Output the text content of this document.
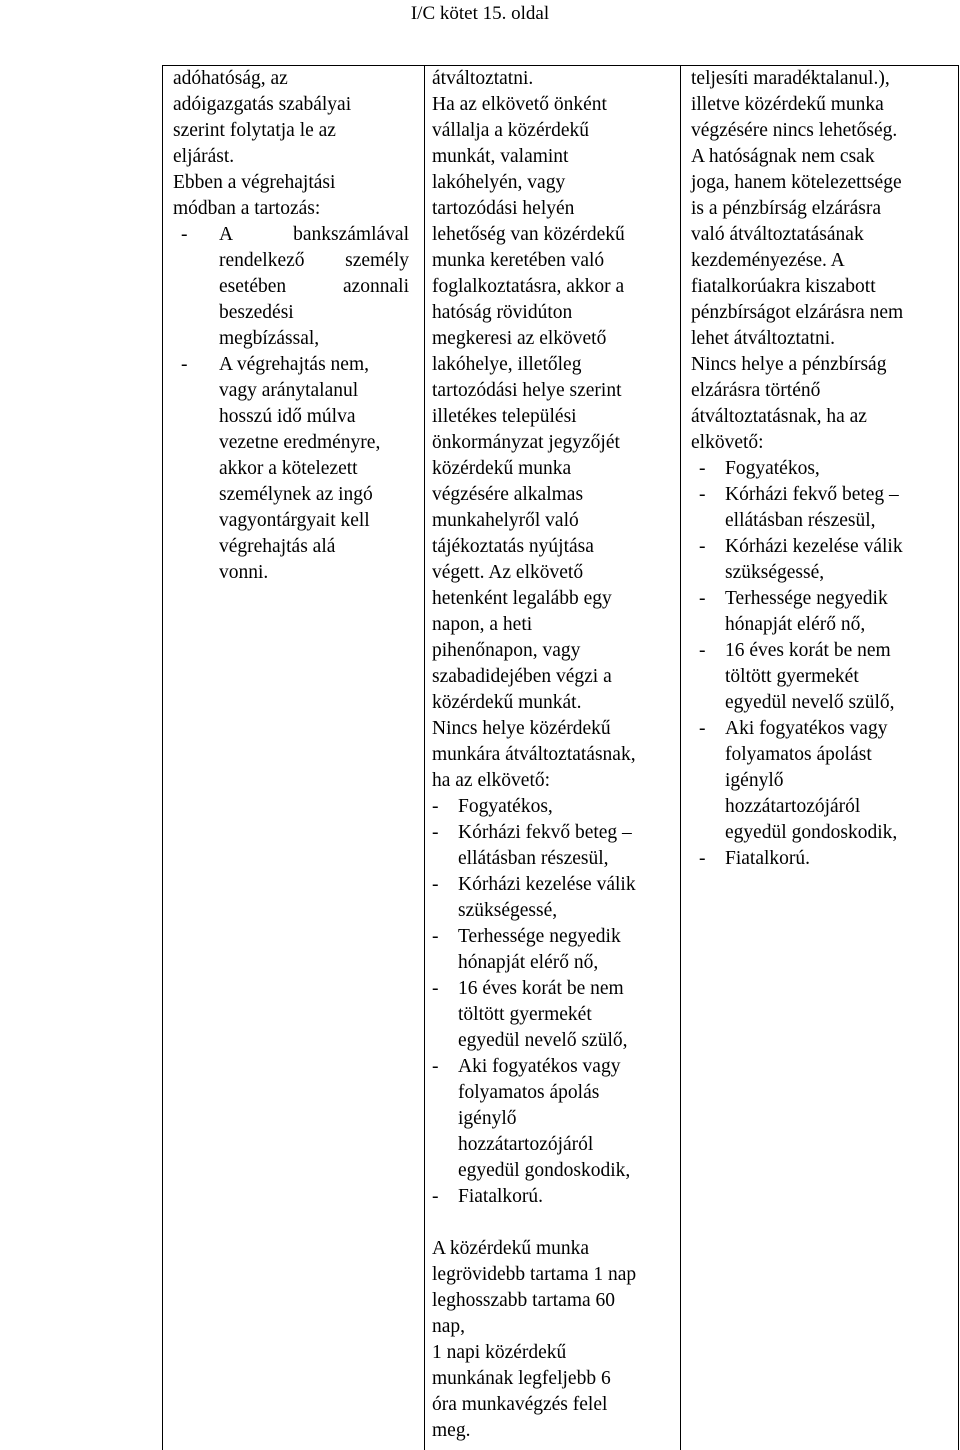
I/C kötet 15. oldal

adóhatóság, az

adóigazgatás szabályai

szerint folytatja le az

eljárást.

Ebben a végrehajtási

módban a tartozás:

-	A bankszámlával

rendelkező személy

esetében azonnali

beszedési

megbízással,

-	A végrehajtás nem,

vagy aránytalanul

hosszú idő múlva

vezetne eredményre,

akkor a kötelezett

személynek az ingó

vagyontárgyait kell

végrehajtás alá

vonni.

átváltoztatni.

Ha az elkövető önként

vállalja a közérdekű

munkát, valamint

lakóhelyén, vagy

tartozódási helyén

lehetőség van közérdekű

munka keretében való

foglalkoztatásra, akkor a

hatóság rövidúton

megkeresi az elkövető

lakóhelye, illetőleg

tartozódási helye szerint

illetékes települési

önkormányzat jegyzőjét

közérdekű munka

végzésére alkalmas

munkahelyről való

tájékoztatás nyújtása

végett. Az elkövető

hetenként legalább egy

napon, a heti

pihenőnapon, vagy

szabadidejében végzi a

közérdekű munkát.

Nincs helye közérdekű

munkára átváltoztatásnak,

ha az elkövető:

-	Fogyatékos,

-	Kórházi fekvő beteg –

ellátásban részesül,

-	Kórházi kezelése válik

szükségessé,

-	Terhessége negyedik

hónapját elérő nő,

-	16 éves korát be nem

töltött gyermekét

egyedül nevelő szülő,

-	Aki fogyatékos vagy

folyamatos ápolás

igénylő

hozzátartozójáról

egyedül gondoskodik,

-	Fiatalkorú.

A közérdekű munka

legrövidebb tartama 1 nap

leghosszabb tartama 60

nap,

1 napi közérdekű

munkának legfeljebb 6

óra munkavégzés felel

meg.

teljesíti maradéktalanul.),

illetve közérdekű munka

végzésére nincs lehetőség.

A hatóságnak nem csak

joga, hanem kötelezettsége

is a pénzbírság elzárásra

való átváltoztatásának

kezdeményezése. A

fiatalkorúakra kiszabott

pénzbírságot elzárásra nem

lehet átváltoztatni.

Nincs helye a pénzbírság

elzárásra történő

átváltoztatásnak, ha az

elkövető:

-	Fogyatékos,

-	Kórházi fekvő beteg –

ellátásban részesül,

-	Kórházi kezelése válik

szükségessé,

-	Terhessége negyedik

hónapját elérő nő,

-	16 éves korát be nem

töltött gyermekét

egyedül nevelő szülő,

-	Aki fogyatékos vagy

folyamatos ápolást

igénylő

hozzátartozójáról

egyedül gondoskodik,

-	Fiatalkorú.
